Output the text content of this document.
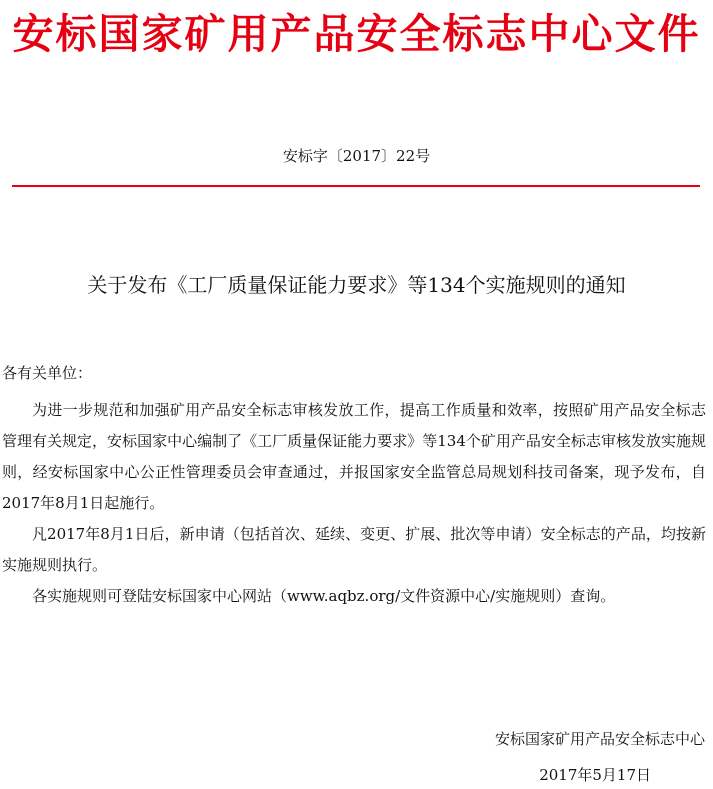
安标国家矿用产品安全标志中心文件
安标字〔2017〕22号
关于发布《工厂质量保证能力要求》等134个实施规则的通知
各有关单位：

为进一步规范和加强矿用产品安全标志审核发放工作，提高工作质量和效率，按照矿用产品安全标志管理有关规定，安标国家中心编制了《工厂质量保证能力要求》等134个矿用产品安全标志审核发放实施规则，经安标国家中心公正性管理委员会审查通过，并报国家安全监管总局规划科技司备案，现予发布，自2017年8月1日起施行。

凡2017年8月1日后，新申请（包括首次、延续、变更、扩展、批次等申请）安全标志的产品，均按新实施规则执行。

各实施规则可登陆安标国家中心网站（www.aqbz.org/文件资源中心/实施规则）查询。

安标国家矿用产品安全标志中心
2017年5月17日
